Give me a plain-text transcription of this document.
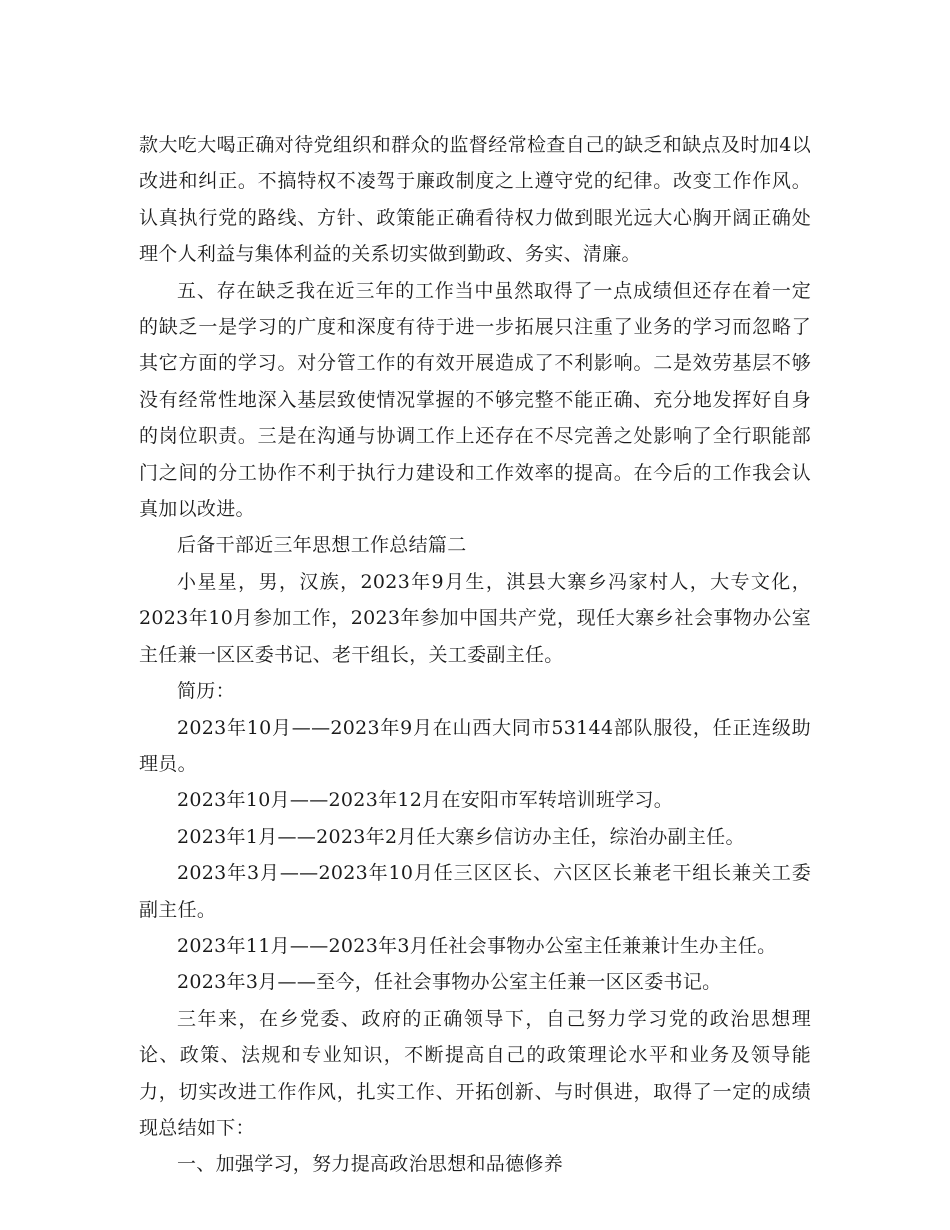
款大吃大喝正确对待党组织和群众的监督经常检查自己的缺乏和缺点及时加4以改进和纠正。不搞特权不凌驾于廉政制度之上遵守党的纪律。改变工作作风。认真执行党的路线、方针、政策能正确看待权力做到眼光远大心胸开阔正确处理个人利益与集体利益的关系切实做到勤政、务实、清廉。

五、存在缺乏我在近三年的工作当中虽然取得了一点成绩但还存在着一定的缺乏一是学习的广度和深度有待于进一步拓展只注重了业务的学习而忽略了其它方面的学习。对分管工作的有效开展造成了不利影响。二是效劳基层不够没有经常性地深入基层致使情况掌握的不够完整不能正确、充分地发挥好自身的岗位职责。三是在沟通与协调工作上还存在不尽完善之处影响了全行职能部门之间的分工协作不利于执行力建设和工作效率的提高。在今后的工作我会认真加以改进。

后备干部近三年思想工作总结篇二

小星星，男，汉族，2023年9月生，淇县大寨乡冯家村人，大专文化，2023年10月参加工作，2023年参加中国共产党，现任大寨乡社会事物办公室主任兼一区区委书记、老干组长，关工委副主任。

简历：

2023年10月——2023年9月在山西大同市53144部队服役，任正连级助理员。

2023年10月——2023年12月在安阳市军转培训班学习。

2023年1月——2023年2月任大寨乡信访办主任，综治办副主任。

2023年3月——2023年10月任三区区长、六区区长兼老干组长兼关工委副主任。

2023年11月——2023年3月任社会事物办公室主任兼兼计生办主任。

2023年3月——至今，任社会事物办公室主任兼一区区委书记。

三年来，在乡党委、政府的正确领导下，自己努力学习党的政治思想理论、政策、法规和专业知识，不断提高自己的政策理论水平和业务及领导能力，切实改进工作作风，扎实工作、开拓创新、与时俱进，取得了一定的成绩现总结如下：

一、加强学习，努力提高政治思想和品德修养
